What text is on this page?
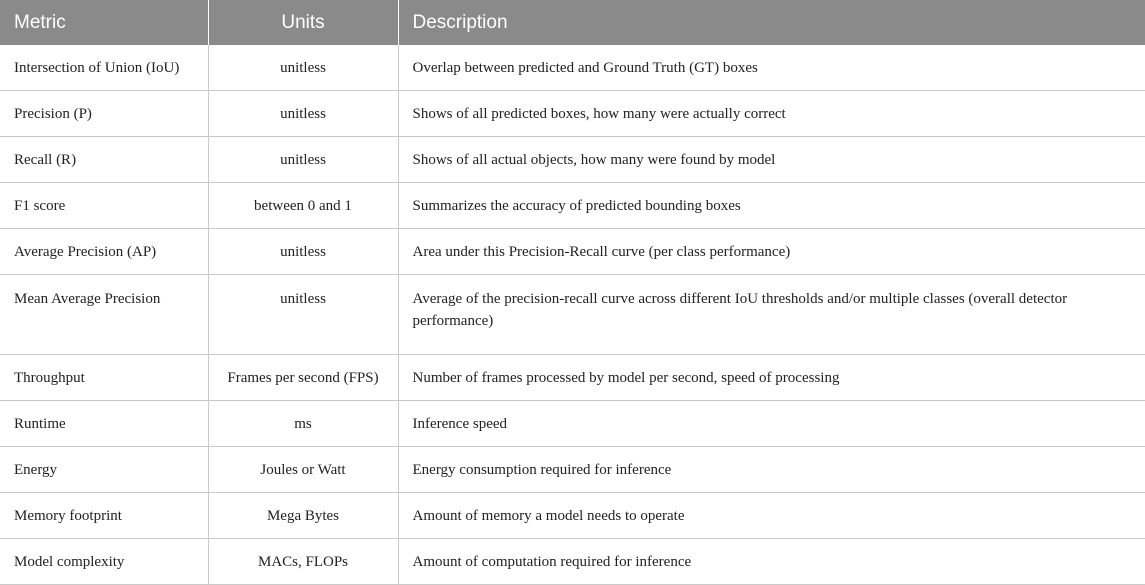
Metric	Units	Description
Intersection of Union (IoU)	unitless	Overlap between predicted and Ground Truth (GT) boxes
Precision (P)	unitless	Shows of all predicted boxes, how many were actually correct
Recall (R)	unitless	Shows of all actual objects, how many were found by model
F1 score	between 0 and 1	Summarizes the accuracy of predicted bounding boxes
Average Precision (AP)	unitless	Area under this Precision-Recall curve (per class performance)
Mean Average Precision	unitless	Average of the precision-recall curve across different IoU thresholds and/or multiple classes (overall detector performance)
Throughput	Frames per second (FPS)	Number of frames processed by model per second, speed of processing
Runtime	ms	Inference speed
Energy	Joules or Watt	Energy consumption required for inference
Memory footprint	Mega Bytes	Amount of memory a model needs to operate
Model complexity	MACs, FLOPs	Amount of computation required for inference
